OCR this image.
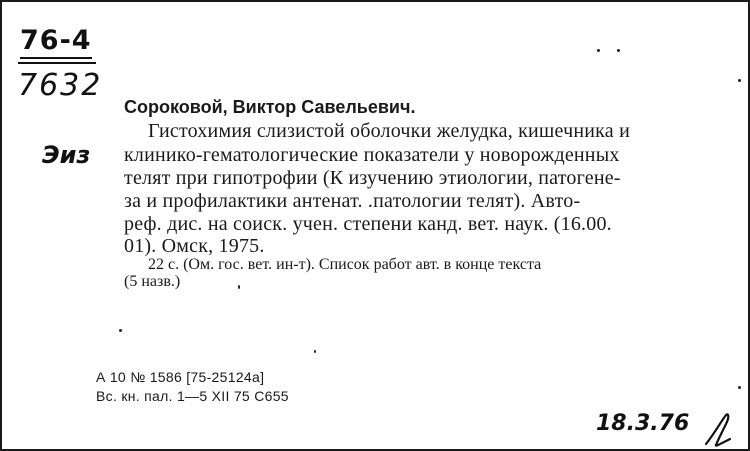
76-4
7632
Эиз
Сороковой, Виктор Савельевич.
Гистохимия слизистой оболочки желудка, кишечника и
клинико-гематологические показатели у новорожденных
телят при гипотрофии (К изучению этиологии, патогене-
за и профилактики антенат. .патологии телят). Авто-
реф. дис. на соиск. учен. степени канд. вет. наук. (16.00.
01). Омск, 1975.
22 с. (Ом. гос. вет. ин-т). Список работ авт. в конце текста
(5 назв.)
А 10 № 1586 [75-25124а]
Вс. кн. пал. 1—5 XII 75 С655
18.3.76
